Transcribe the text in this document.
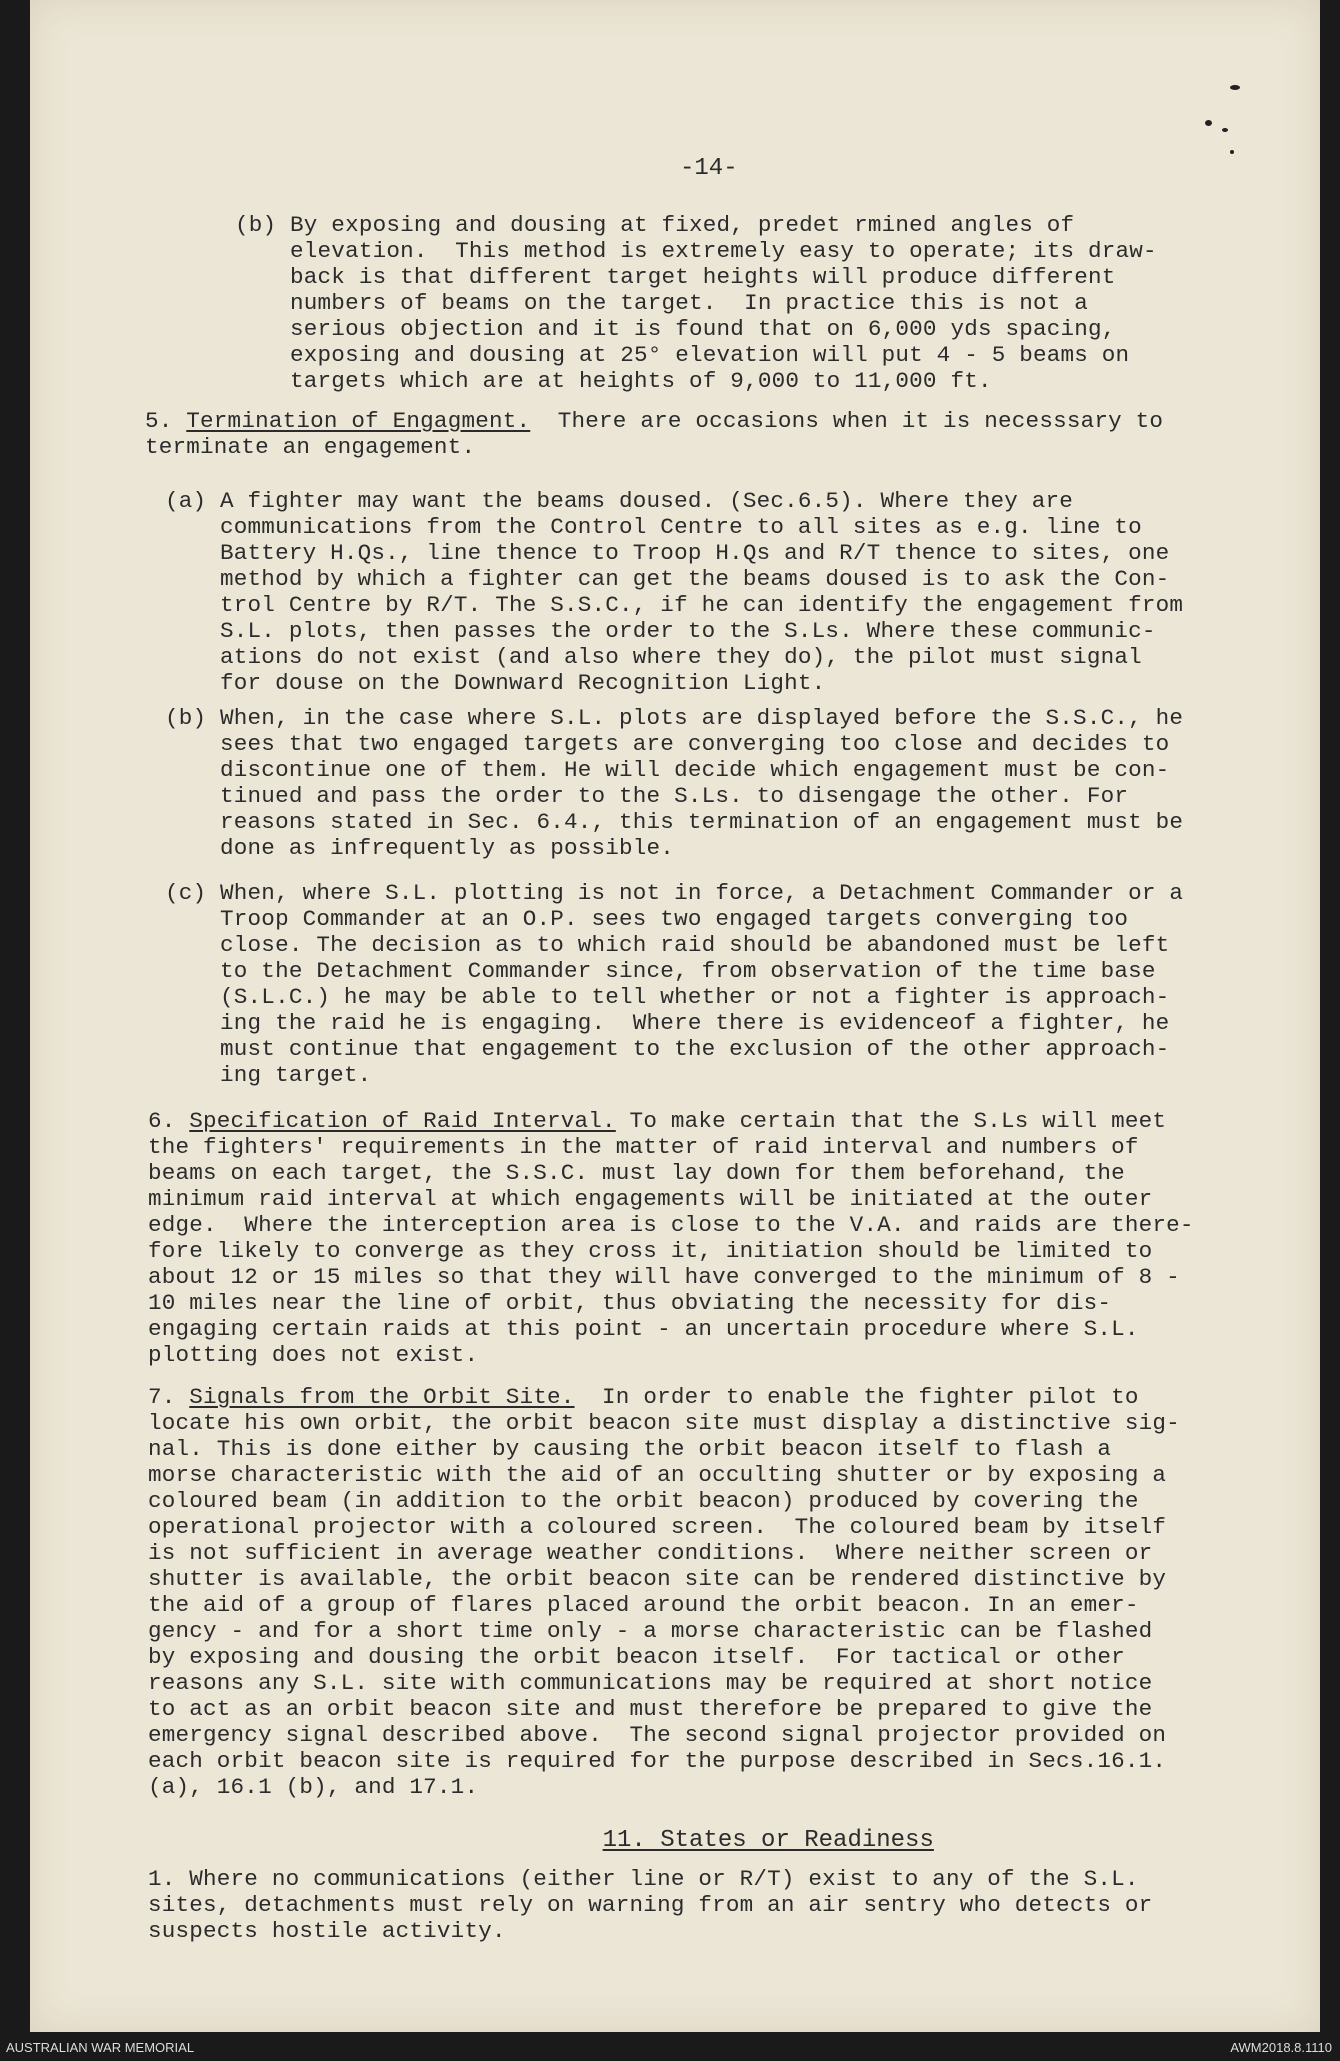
-14-
(b) By exposing and dousing at fixed, predet rmined angles of
elevation.  This method is extremely easy to operate; its draw-
back is that different target heights will produce different
numbers of beams on the target.  In practice this is not a
serious objection and it is found that on 6,000 yds spacing,
exposing and dousing at 25° elevation will put 4 - 5 beams on
targets which are at heights of 9,000 to 11,000 ft.
5. Termination of Engagment.  There are occasions when it is necesssary to
terminate an engagement.
(a) A fighter may want the beams doused. (Sec.6.5). Where they are
communications from the Control Centre to all sites as e.g. line to
Battery H.Qs., line thence to Troop H.Qs and R/T thence to sites, one
method by which a fighter can get the beams doused is to ask the Con-
trol Centre by R/T. The S.S.C., if he can identify the engagement from
S.L. plots, then passes the order to the S.Ls. Where these communic-
ations do not exist (and also where they do), the pilot must signal
for douse on the Downward Recognition Light.
(b) When, in the case where S.L. plots are displayed before the S.S.C., he
sees that two engaged targets are converging too close and decides to
discontinue one of them. He will decide which engagement must be con-
tinued and pass the order to the S.Ls. to disengage the other. For
reasons stated in Sec. 6.4., this termination of an engagement must be
done as infrequently as possible.
(c) When, where S.L. plotting is not in force, a Detachment Commander or a
Troop Commander at an O.P. sees two engaged targets converging too
close. The decision as to which raid should be abandoned must be left
to the Detachment Commander since, from observation of the time base
(S.L.C.) he may be able to tell whether or not a fighter is approach-
ing the raid he is engaging.  Where there is evidenceof a fighter, he
must continue that engagement to the exclusion of the other approach-
ing target.
6. Specification of Raid Interval. To make certain that the S.Ls will meet
the fighters' requirements in the matter of raid interval and numbers of
beams on each target, the S.S.C. must lay down for them beforehand, the
minimum raid interval at which engagements will be initiated at the outer
edge.  Where the interception area is close to the V.A. and raids are there-
fore likely to converge as they cross it, initiation should be limited to
about 12 or 15 miles so that they will have converged to the minimum of 8 -
10 miles near the line of orbit, thus obviating the necessity for dis-
engaging certain raids at this point - an uncertain procedure where S.L.
plotting does not exist.
7. Signals from the Orbit Site.  In order to enable the fighter pilot to
locate his own orbit, the orbit beacon site must display a distinctive sig-
nal. This is done either by causing the orbit beacon itself to flash a
morse characteristic with the aid of an occulting shutter or by exposing a
coloured beam (in addition to the orbit beacon) produced by covering the
operational projector with a coloured screen.  The coloured beam by itself
is not sufficient in average weather conditions.  Where neither screen or
shutter is available, the orbit beacon site can be rendered distinctive by
the aid of a group of flares placed around the orbit beacon. In an emer-
gency - and for a short time only - a morse characteristic can be flashed
by exposing and dousing the orbit beacon itself.  For tactical or other
reasons any S.L. site with communications may be required at short notice
to act as an orbit beacon site and must therefore be prepared to give the
emergency signal described above.  The second signal projector provided on
each orbit beacon site is required for the purpose described in Secs.16.1.
(a), 16.1 (b), and 17.1.

11. States or Readiness

1. Where no communications (either line or R/T) exist to any of the S.L.
sites, detachments must rely on warning from an air sentry who detects or
suspects hostile activity.
AUSTRALIAN WAR MEMORIAL	AWM2018.8.1110
